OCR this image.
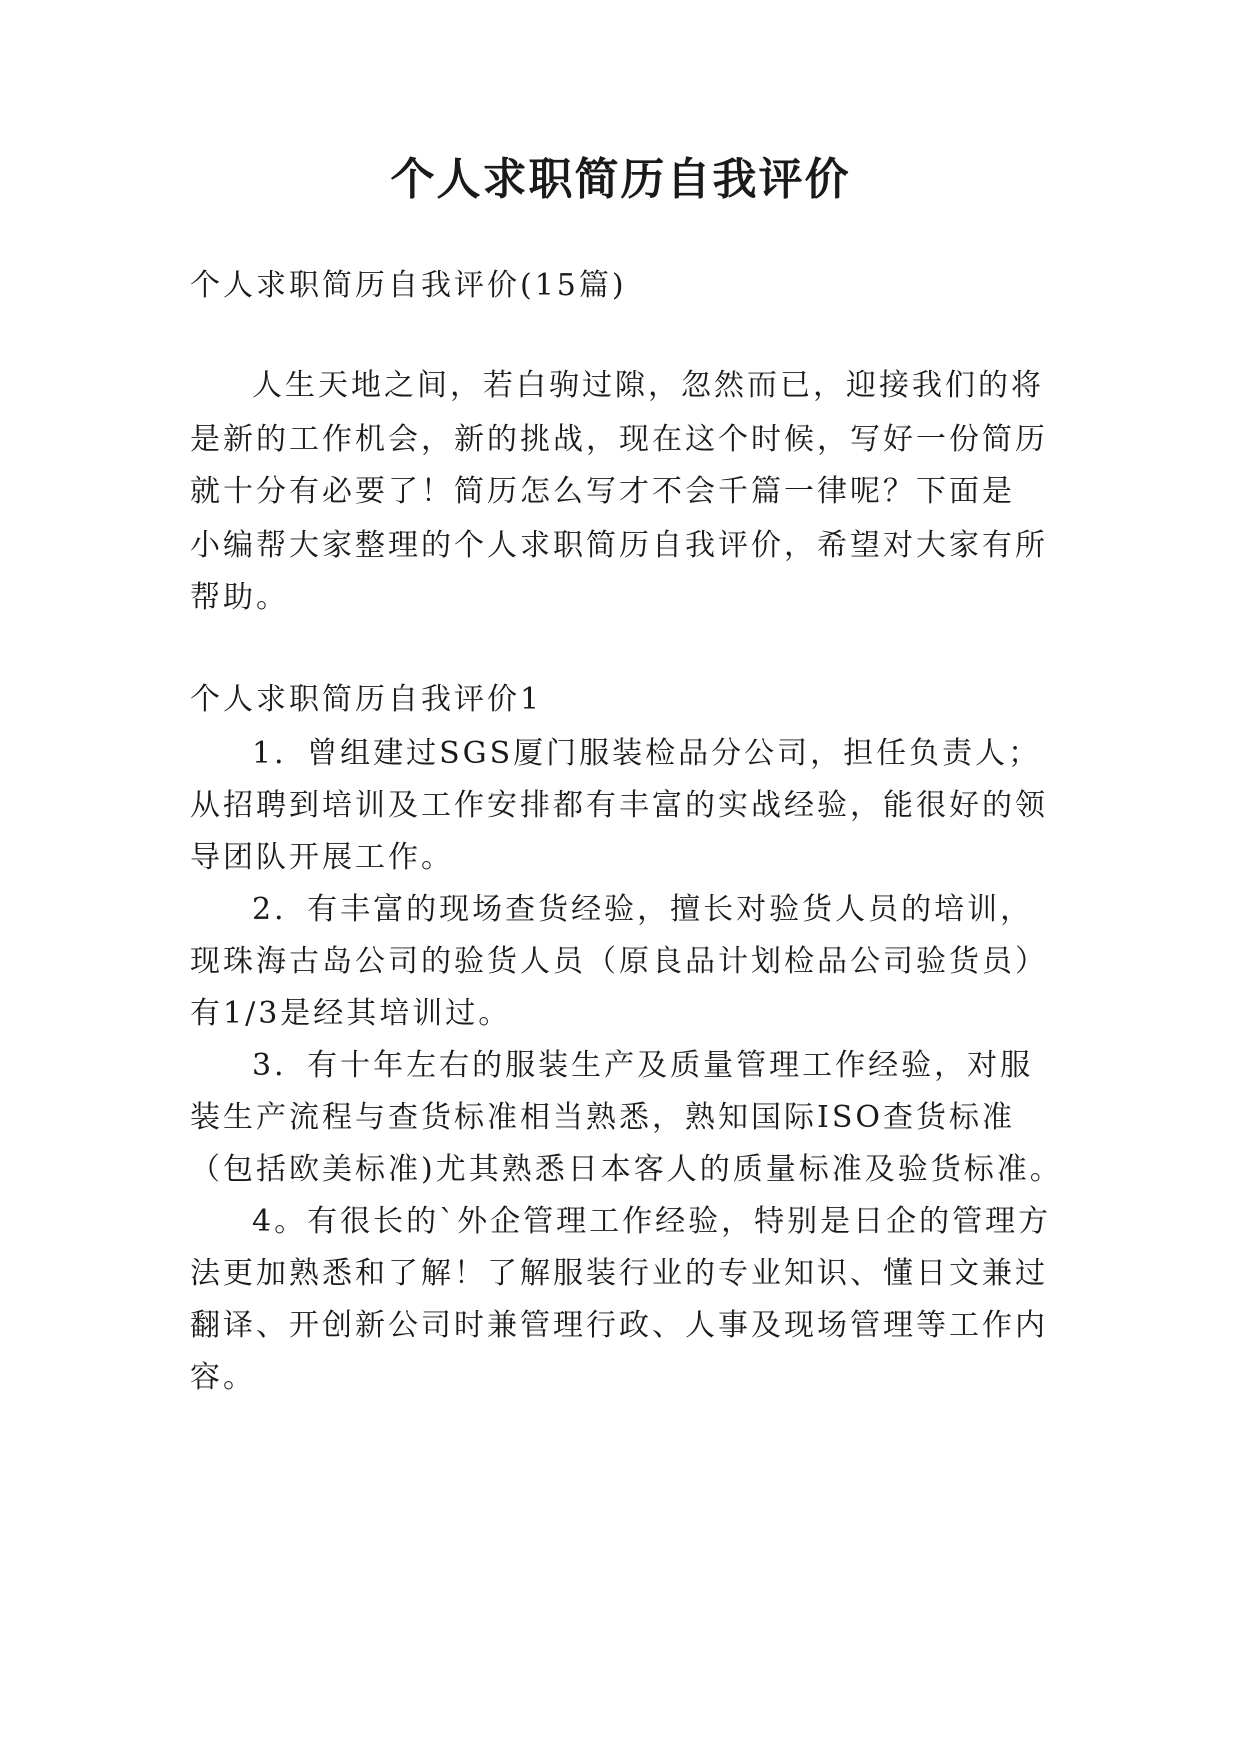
个人求职简历自我评价
个人求职简历自我评价(15篇)
人生天地之间，若白驹过隙，忽然而已，迎接我们的将
是新的工作机会，新的挑战，现在这个时候，写好一份简历
就十分有必要了！简历怎么写才不会千篇一律呢？下面是
小编帮大家整理的个人求职简历自我评价，希望对大家有所
帮助。
个人求职简历自我评价1
1．曾组建过SGS厦门服装检品分公司，担任负责人；
从招聘到培训及工作安排都有丰富的实战经验，能很好的领
导团队开展工作。
2．有丰富的现场查货经验，擅长对验货人员的培训，
现珠海古岛公司的验货人员（原良品计划检品公司验货员）
有1/3是经其培训过。
3．有十年左右的服装生产及质量管理工作经验，对服
装生产流程与查货标准相当熟悉，熟知国际ISO查货标准
（包括欧美标准)尤其熟悉日本客人的质量标准及验货标准。
4。有很长的`外企管理工作经验，特别是日企的管理方
法更加熟悉和了解！了解服装行业的专业知识、懂日文兼过
翻译、开创新公司时兼管理行政、人事及现场管理等工作内
容。
